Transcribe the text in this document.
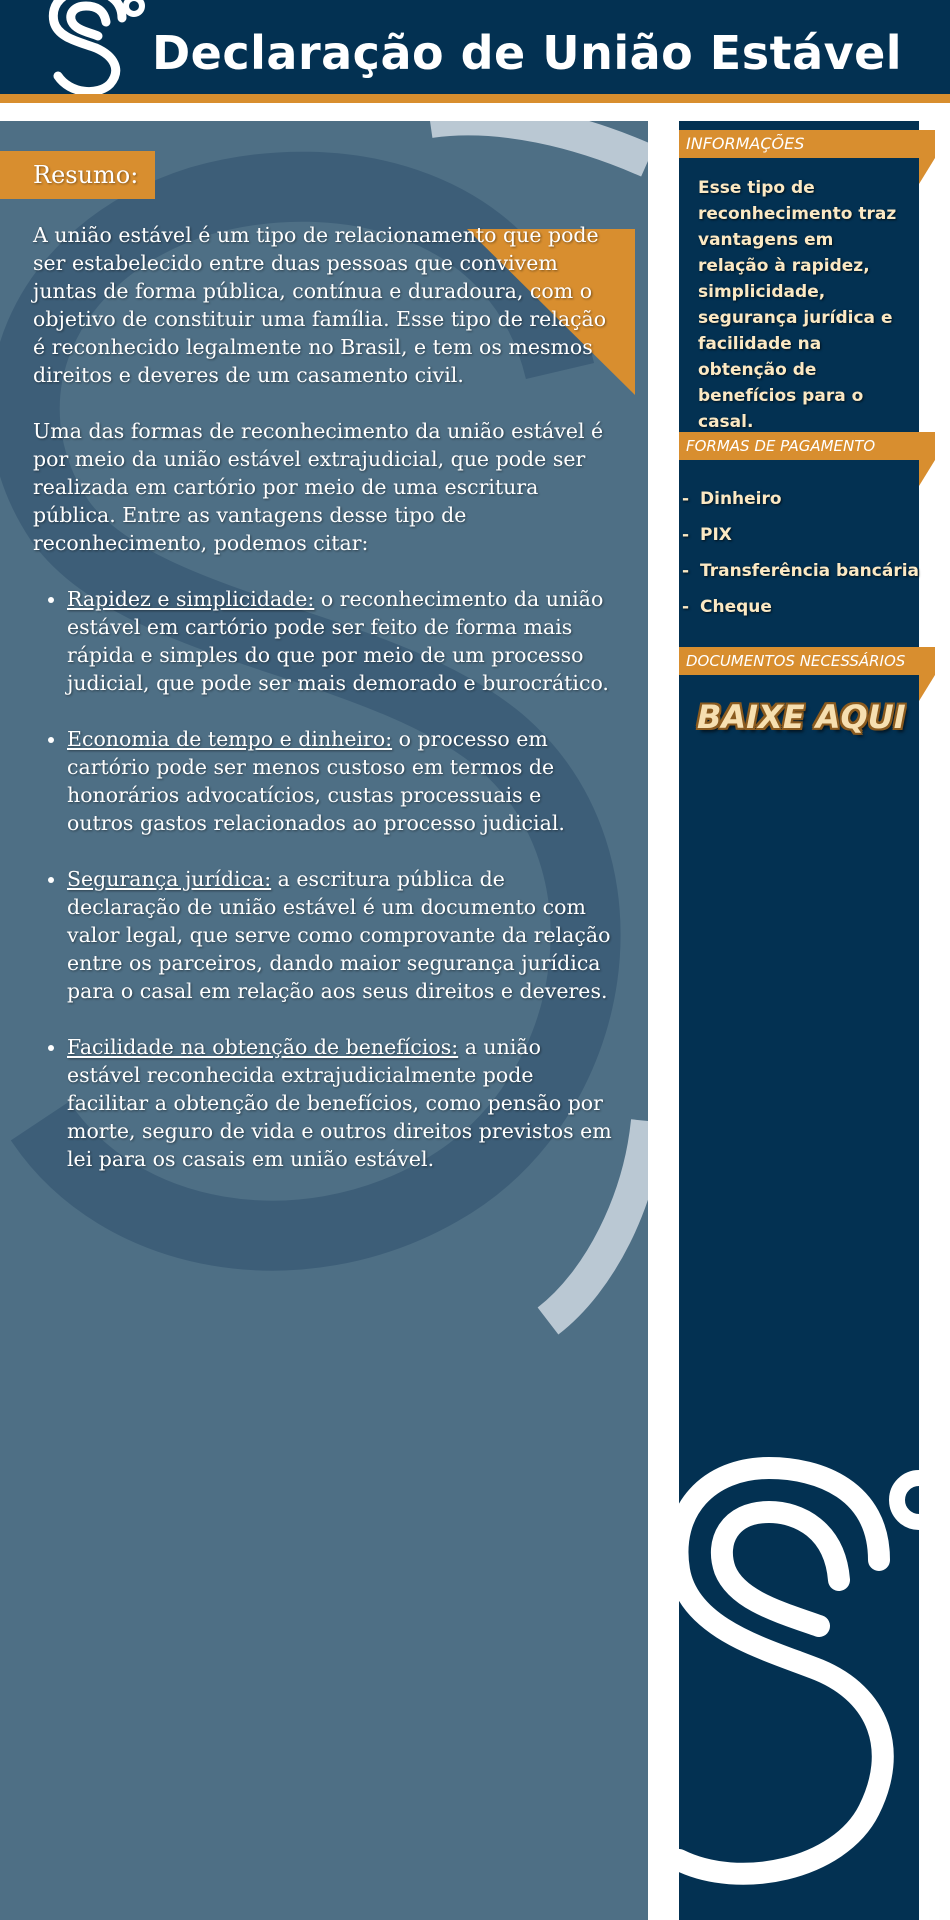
Declaração de União Estável
Resumo:

A união estável é um tipo de relacionamento que pode ser estabelecido entre duas pessoas que convivem juntas de forma pública, contínua e duradoura, com o objetivo de constituir uma família. Esse tipo de relação é reconhecido legalmente no Brasil, e tem os mesmos direitos e deveres de um casamento civil.

Uma das formas de reconhecimento da união estável é por meio da união estável extrajudicial, que pode ser realizada em cartório por meio de uma escritura pública. Entre as vantagens desse tipo de reconhecimento, podemos citar:

• Rapidez e simplicidade: o reconhecimento da união estável em cartório pode ser feito de forma mais rápida e simples do que por meio de um processo judicial, que pode ser mais demorado e burocrático.
• Economia de tempo e dinheiro: o processo em cartório pode ser menos custoso em termos de honorários advocatícios, custas processuais e outros gastos relacionados ao processo judicial.
• Segurança jurídica: a escritura pública de declaração de união estável é um documento com valor legal, que serve como comprovante da relação entre os parceiros, dando maior segurança jurídica para o casal em relação aos seus direitos e deveres.
• Facilidade na obtenção de benefícios: a união estável reconhecida extrajudicialmente pode facilitar a obtenção de benefícios, como pensão por morte, seguro de vida e outros direitos previstos em lei para os casais em união estável.
INFORMAÇÕES
Esse tipo de reconhecimento traz vantagens em relação à rapidez, simplicidade, segurança jurídica e facilidade na obtenção de benefícios para o casal.
FORMAS DE PAGAMENTO
- Dinheiro
- PIX
- Transferência bancária
- Cheque
DOCUMENTOS NECESSÁRIOS
BAIXE AQUI
